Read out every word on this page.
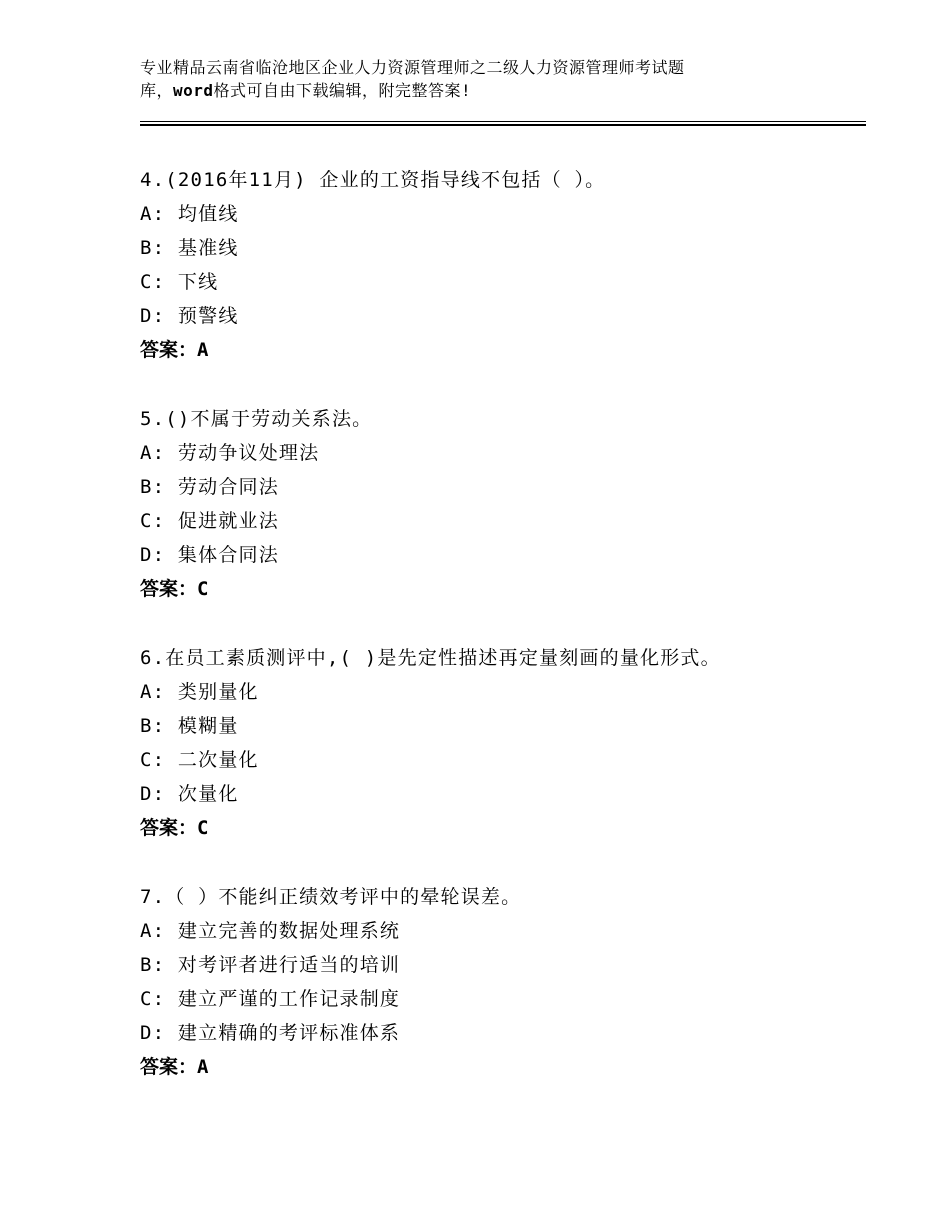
专业精品云南省临沧地区企业人力资源管理师之二级人力资源管理师考试题
库，word格式可自由下载编辑，附完整答案!
4.(2016年11月) 企业的工资指导线不包括（ ）。
A: 均值线
B: 基准线
C: 下线
D: 预警线
答案：A
5.()不属于劳动关系法。
A: 劳动争议处理法
B: 劳动合同法
C: 促进就业法
D: 集体合同法
答案：C
6.在员工素质测评中,( )是先定性描述再定量刻画的量化形式。
A: 类别量化
B: 模糊量
C: 二次量化
D: 次量化
答案：C
7.（ ）不能纠正绩效考评中的晕轮误差。
A: 建立完善的数据处理系统
B: 对考评者进行适当的培训
C: 建立严谨的工作记录制度
D: 建立精确的考评标准体系
答案：A
